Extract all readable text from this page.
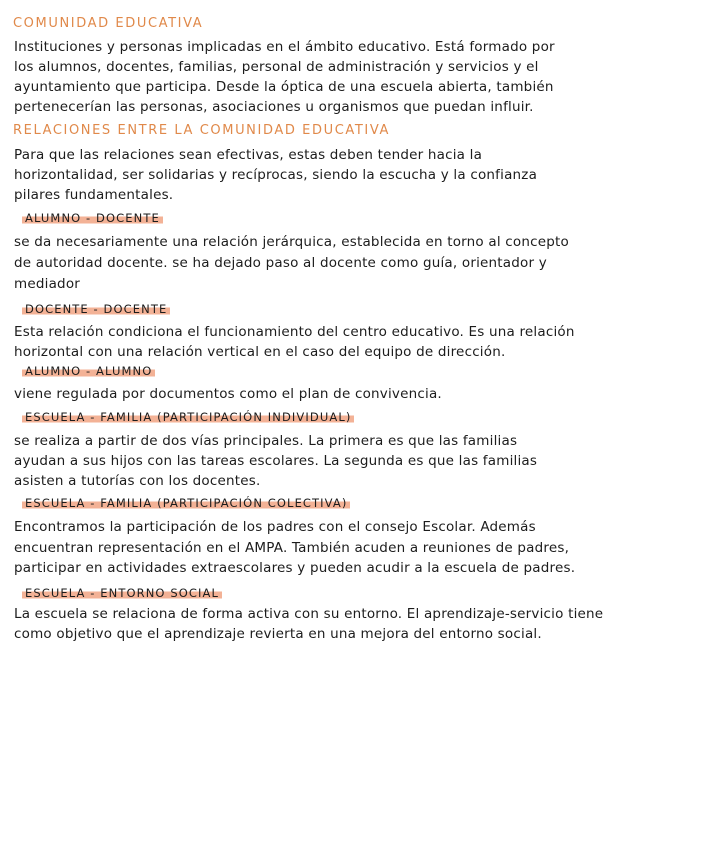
COMUNIDAD EDUCATIVA
Instituciones y personas implicadas en el ámbito educativo. Está formado por
los alumnos, docentes, familias, personal de administración y servicios y el
ayuntamiento que participa. Desde la óptica de una escuela abierta, también
pertenecerían las personas, asociaciones u organismos que puedan influir.
RELACIONES ENTRE LA COMUNIDAD EDUCATIVA
Para que las relaciones sean efectivas, estas deben tender hacia la
horizontalidad, ser solidarias y recíprocas, siendo la escucha y la confianza
pilares fundamentales.
ALUMNO - DOCENTE
se da necesariamente una relación jerárquica, establecida en torno al concepto
de autoridad docente. se ha dejado paso al docente como guía, orientador y
mediador
DOCENTE - DOCENTE
Esta relación condiciona el funcionamiento del centro educativo. Es una relación
horizontal con una relación vertical en el caso del equipo de dirección.
ALUMNO - ALUMNO
viene regulada por documentos como el plan de convivencia.
ESCUELA - FAMILIA (PARTICIPACIÓN INDIVIDUAL)
se realiza a partir de dos vías principales. La primera es que las familias
ayudan a sus hijos con las tareas escolares. La segunda es que las familias
asisten a tutorías con los docentes.
ESCUELA - FAMILIA (PARTICIPACIÓN COLECTIVA)
Encontramos la participación de los padres con el consejo Escolar. Además
encuentran representación en el AMPA. También acuden a reuniones de padres,
participar en actividades extraescolares y pueden acudir a la escuela de padres.
ESCUELA - ENTORNO SOCIAL
La escuela se relaciona de forma activa con su entorno. El aprendizaje-servicio tiene
como objetivo que el aprendizaje revierta en una mejora del entorno social.
